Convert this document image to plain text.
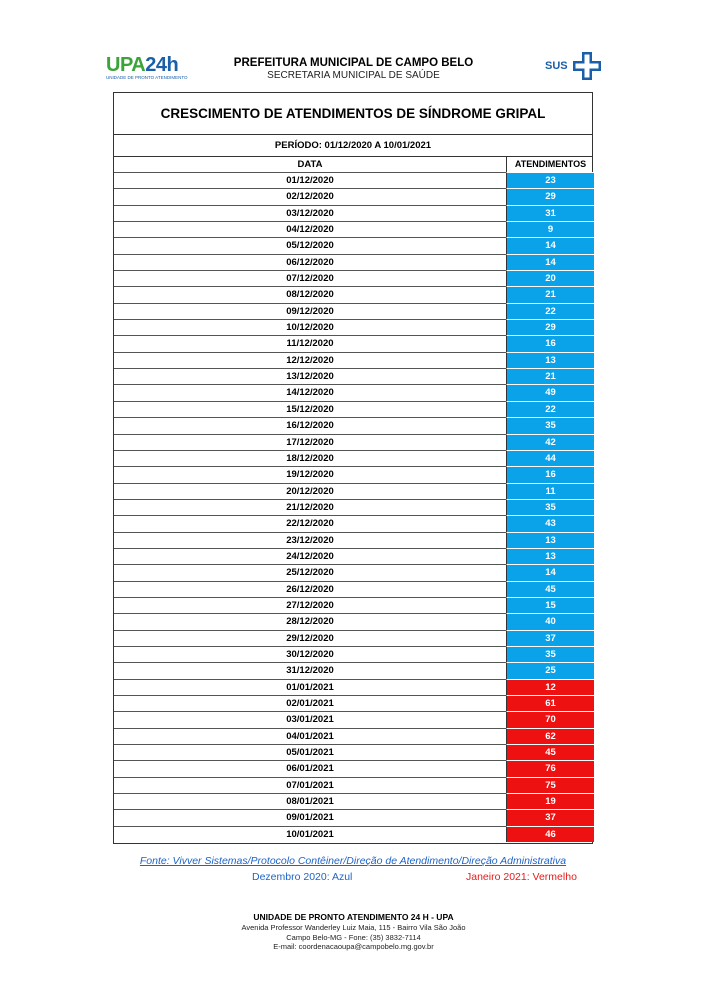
UPA24h
UNIDADE DE PRONTO ATENDIMENTO
PREFEITURA MUNICIPAL DE CAMPO BELO
SECRETARIA MUNICIPAL DE SAÚDE
SUS
CRESCIMENTO DE ATENDIMENTOS DE SÍNDROME GRIPAL
PERÍODO: 01/12/2020 A 10/01/2021
DATA	ATENDIMENTOS
01/12/2020	23
02/12/2020	29
03/12/2020	31
04/12/2020	9
05/12/2020	14
06/12/2020	14
07/12/2020	20
08/12/2020	21
09/12/2020	22
10/12/2020	29
11/12/2020	16
12/12/2020	13
13/12/2020	21
14/12/2020	49
15/12/2020	22
16/12/2020	35
17/12/2020	42
18/12/2020	44
19/12/2020	16
20/12/2020	11
21/12/2020	35
22/12/2020	43
23/12/2020	13
24/12/2020	13
25/12/2020	14
26/12/2020	45
27/12/2020	15
28/12/2020	40
29/12/2020	37
30/12/2020	35
31/12/2020	25
01/01/2021	12
02/01/2021	61
03/01/2021	70
04/01/2021	62
05/01/2021	45
06/01/2021	76
07/01/2021	75
08/01/2021	19
09/01/2021	37
10/01/2021	46
Fonte: Vivver Sistemas/Protocolo Contêiner/Direção de Atendimento/Direção Administrativa
Dezembro 2020: Azul	Janeiro 2021: Vermelho
UNIDADE DE PRONTO ATENDIMENTO 24 H - UPA
Avenida Professor Wanderley Luiz Maia, 115 - Bairro Vila São João
Campo Belo-MG - Fone: (35) 3832-7114
E-mail: coordenacaoupa@campobelo.mg.gov.br
